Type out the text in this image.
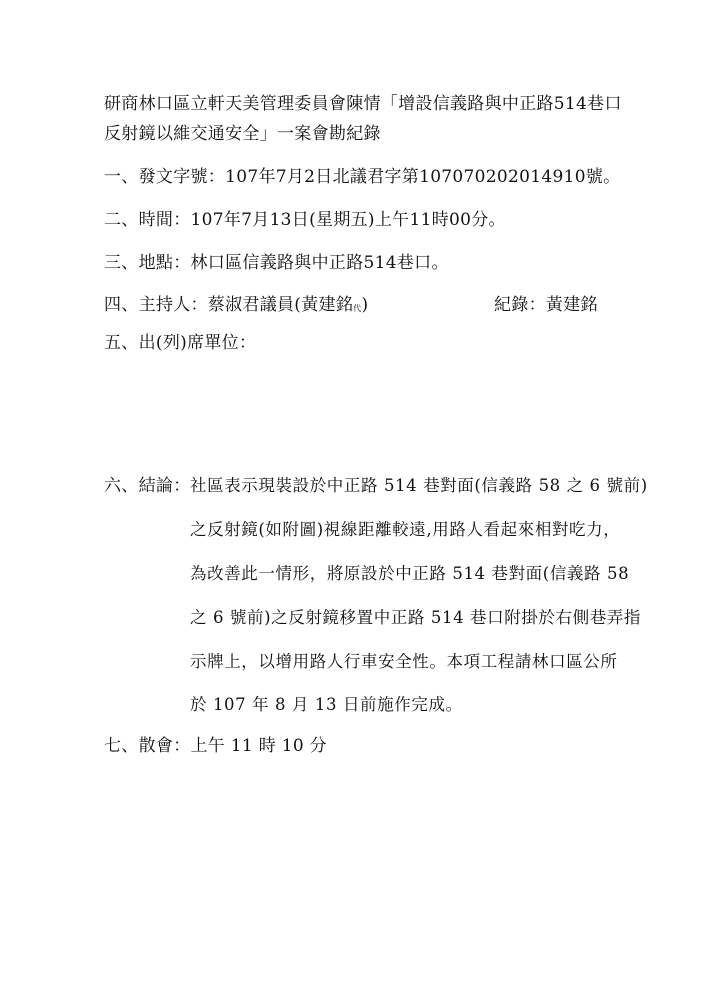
研商林口區立軒天美管理委員會陳情「增設信義路與中正路514巷口
反射鏡以維交通安全」一案會勘紀錄
一、發文字號：107年7月2日北議君字第107070202014910號。
二、時間：107年7月13日(星期五)上午11時00分。
三、地點：林口區信義路與中正路514巷口。
四、主持人：蔡淑君議員(黃建銘代)	紀錄：黃建銘
五、出(列)席單位：
六、結論： 社區表示現裝設於中正路 514 巷對面(信義路 58 之 6 號前)
之反射鏡(如附圖)視線距離較遠,用路人看起來相對吃力，
為改善此一情形，將原設於中正路 514 巷對面(信義路 58
之 6 號前)之反射鏡移置中正路 514 巷口附掛於右側巷弄指
示牌上，以增用路人行車安全性。本項工程請林口區公所
於 107 年 8 月 13 日前施作完成。
七、散會：上午 11 時 10 分
